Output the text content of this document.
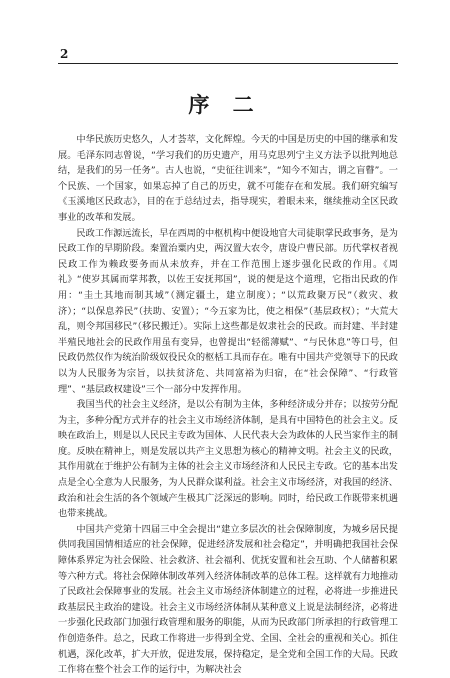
2
序 二

中华民族历史悠久，人才荟萃，文化辉煌。今天的中国是历史的中国的继承和发展。毛泽东同志曾说，“学习我们的历史遗产，用马克思列宁主义方法予以批判地总结，是我们的另一任务”。古人也说，“史征往训来”，“知今不知古，谓之盲瞽”。一个民族、一个国家，如果忘掉了自己的历史，就不可能存在和发展。我们研究编写《玉溪地区民政志》，目的在于总结过去，指导现实，着眼未来，继续推动全区民政事业的改革和发展。

民政工作源远流长，早在西周的中枢机构中便设地官大司徒职掌民政事务，是为民政工作的早期阶段。秦置治粟内史，两汉置大农令，唐设户曹民部。历代掌权者视民政工作为赖政要务而从未放弃，并在工作范围上逐步强化民政的作用。《周礼》“使岁其属而掌邦教，以佐王安抚邦国”，说的便是这个道理，它指出民政的作用：“圭土其地而制其域”（测定疆土，建立制度）；“以荒政聚万民”（救灾、救济）；“以保息养民”（扶助、安置）；“今五家为比，使之相保”（基层政权）；“大荒大乱，则令邦国移民”（移民搬迁）。实际上这些都是奴隶社会的民政。而封建、半封建半殖民地社会的民政作用虽有变异，也曾提出“轻徭薄赋”、“与民休息”等口号，但民政仍然仅作为统治阶级奴役民众的枢栝工具而存在。唯有中国共产党领导下的民政以为人民服务为宗旨，以扶贫济危、共同富裕为归宿，在“社会保障”、“行政管理”、“基层政权建设”三个一部分中发挥作用。

我国当代的社会主义经济，是以公有制为主体，多种经济成分并存；以按劳分配为主，多种分配方式并存的社会主义市场经济体制，是具有中国特色的社会主义。反映在政治上，则是以人民民主专政为国体、人民代表大会为政体的人民当家作主的制度。反映在精神上，则是发展以共产主义思想为核心的精神文明。社会主义的民政，其作用就在于维护公有制为主体的社会主义市场经济和人民民主专政。它的基本出发点是全心全意为人民服务，为人民群众谋利益。社会主义市场经济，对我国的经济、政治和社会生活的各个领域产生极其广泛深远的影响。同时，给民政工作既带来机遇也带来挑战。

中国共产党第十四届三中全会提出“建立多层次的社会保障制度，为城乡居民提供同我国国情相适应的社会保障，促进经济发展和社会稳定”，并明确把我国社会保障体系界定为社会保险、社会救济、社会福利、优抚安置和社会互助、个人储蓄积累等六种方式。将社会保障体制改革列入经济体制改革的总体工程。这样就有力地推动了民政社会保障事业的发展。社会主义市场经济体制建立的过程，必将进一步推进民政基层民主政治的建设。社会主义市场经济体制从某种意义上说是法制经济，必将进一步强化民政部门加强行政管理和服务的职能，从而为民政部门所承担的行政管理工作创造条件。总之，民政工作将进一步得到全党、全国、全社会的重视和关心。抓住机遇，深化改革，扩大开放，促进发展，保持稳定，是全党和全国工作的大局。民政工作将在整个社会工作的运行中，为解决社会
